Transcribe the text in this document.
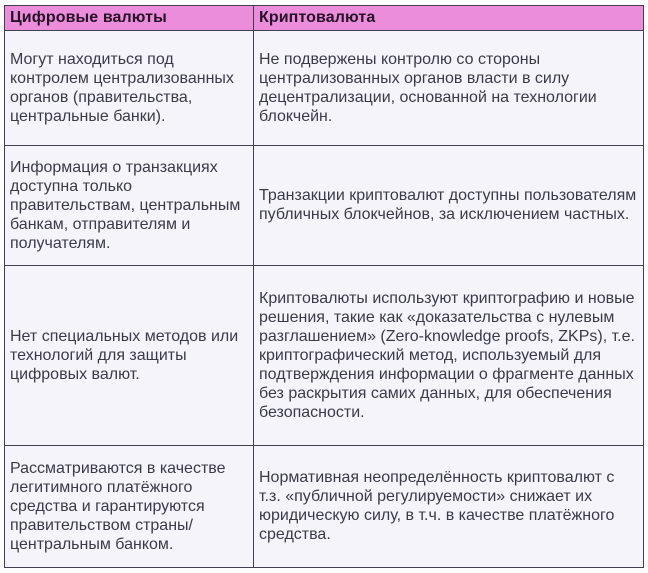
Цифровые валюты	Криптовалюта
Могут находиться под контролем централизованных органов (правительства, центральные банки).	Не подвержены контролю со стороны централизованных органов власти в силу децентрализации, основанной на технологии блокчейн.
Информация о транзакциях доступна только правительствам, центральным банкам, отправителям и получателям.	Транзакции криптовалют доступны пользователям публичных блокчейнов, за исключением частных.
Нет специальных методов или технологий для защиты цифровых валют.	Криптовалюты используют криптографию и новые решения, такие как «доказательства с нулевым разглашением» (Zero-knowledge proofs, ZKPs), т.е. криптографический метод, используемый для подтверждения информации о фрагменте данных без раскрытия самих данных, для обеспечения безопасности.
Рассматриваются в качестве легитимного платёжного средства и гарантируются правительством страны/ центральным банком.	Нормативная неопределённость криптовалют с т.з. «публичной регулируемости» снижает их юридическую силу, в т.ч. в качестве платёжного средства.
